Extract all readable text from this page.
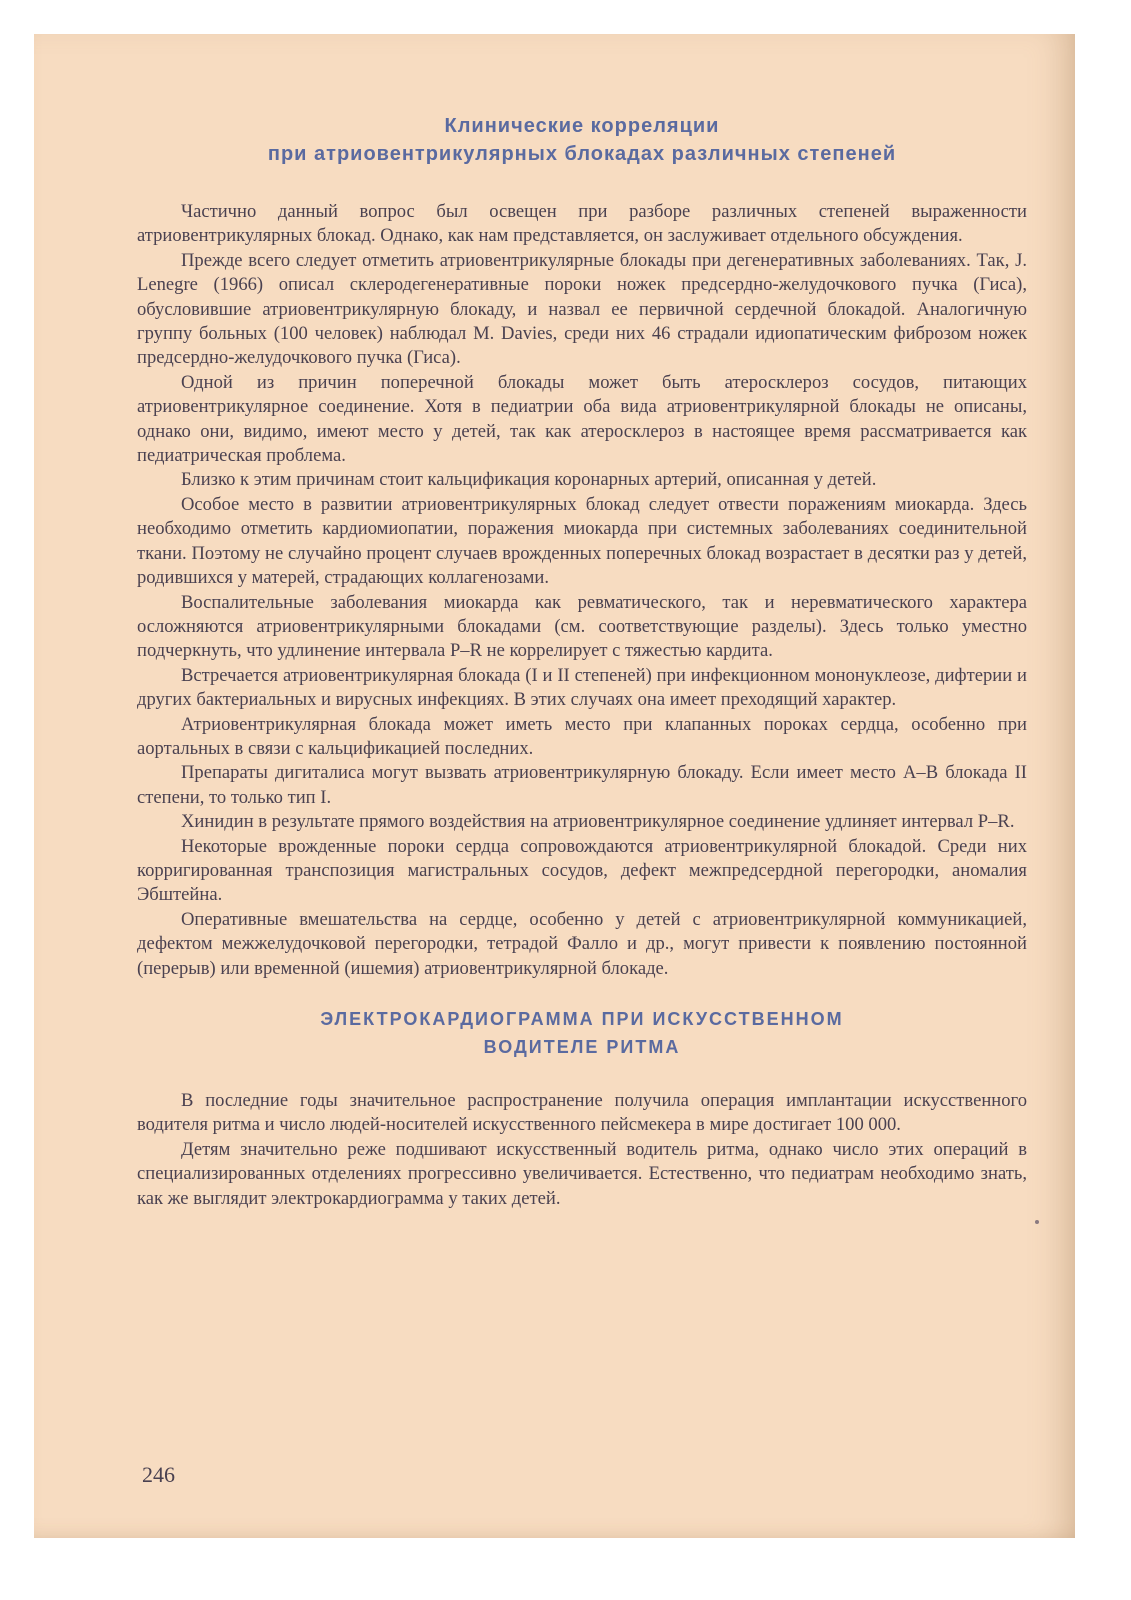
Клинические корреляции
при атриовентрикулярных блокадах различных степеней

Частично данный вопрос был освещен при разборе различных степеней выраженности атриовентрикулярных блокад. Однако, как нам представляется, он заслуживает отдельного обсуждения.

Прежде всего следует отметить атриовентрикулярные блокады при дегенеративных заболеваниях. Так, J. Lenegre (1966) описал склеродегенеративные пороки ножек предсердно-желудочкового пучка (Гиса), обусловившие атриовентрикулярную блокаду, и назвал ее первичной сердечной блокадой. Аналогичную группу больных (100 человек) наблюдал M. Davies, среди них 46 страдали идиопатическим фиброзом ножек предсердно-желудочкового пучка (Гиса).

Одной из причин поперечной блокады может быть атеросклероз сосудов, питающих атриовентрикулярное соединение. Хотя в педиатрии оба вида атриовентрикулярной блокады не описаны, однако они, видимо, имеют место у детей, так как атеросклероз в настоящее время рассматривается как педиатрическая проблема.

Близко к этим причинам стоит кальцификация коронарных артерий, описанная у детей.

Особое место в развитии атриовентрикулярных блокад следует отвести поражениям миокарда. Здесь необходимо отметить кардиомиопатии, поражения миокарда при системных заболеваниях соединительной ткани. Поэтому не случайно процент случаев врожденных поперечных блокад возрастает в десятки раз у детей, родившихся у матерей, страдающих коллагенозами.

Воспалительные заболевания миокарда как ревматического, так и неревматического характера осложняются атриовентрикулярными блокадами (см. соответствующие разделы). Здесь только уместно подчеркнуть, что удлинение интервала P–R не коррелирует с тяжестью кардита.

Встречается атриовентрикулярная блокада (I и II степеней) при инфекционном мононуклеозе, дифтерии и других бактериальных и вирусных инфекциях. В этих случаях она имеет преходящий характер.

Атриовентрикулярная блокада может иметь место при клапанных пороках сердца, особенно при аортальных в связи с кальцификацией последних.

Препараты дигиталиса могут вызвать атриовентрикулярную блокаду. Если имеет место A–B блокада II степени, то только тип I.

Хинидин в результате прямого воздействия на атриовентрикулярное соединение удлиняет интервал P–R.

Некоторые врожденные пороки сердца сопровождаются атриовентрикулярной блокадой. Среди них корригированная транспозиция магистральных сосудов, дефект межпредсердной перегородки, аномалия Эбштейна.

Оперативные вмешательства на сердце, особенно у детей с атриовентрикулярной коммуникацией, дефектом межжелудочковой перегородки, тетрадой Фалло и др., могут привести к появлению постоянной (перерыв) или временной (ишемия) атриовентрикулярной блокаде.

ЭЛЕКТРОКАРДИОГРАММА ПРИ ИСКУССТВЕННОМ
ВОДИТЕЛЕ РИТМА

В последние годы значительное распространение получила операция имплантации искусственного водителя ритма и число людей-носителей искусственного пейсмекера в мире достигает 100 000.

Детям значительно реже подшивают искусственный водитель ритма, однако число этих операций в специализированных отделениях прогрессивно увеличивается. Естественно, что педиатрам необходимо знать, как же выглядит электрокардиограмма у таких детей.

246
